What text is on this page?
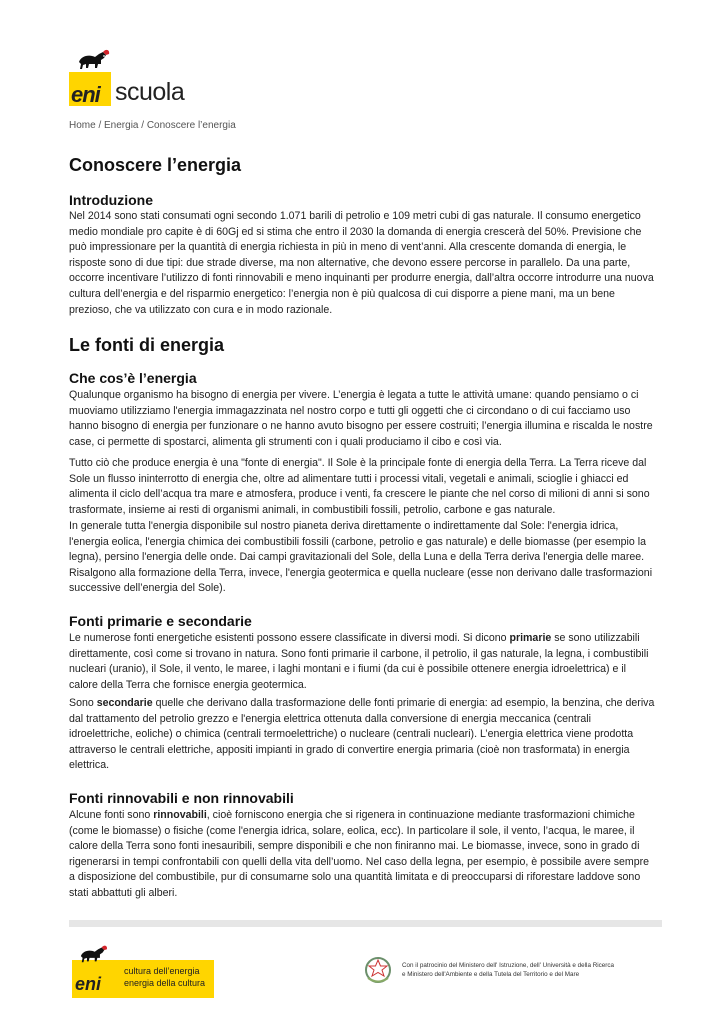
eni scuola
Home / Energia / Conoscere l’energia
Conoscere l’energia
Introduzione

Nel 2014 sono stati consumati ogni secondo 1.071 barili di petrolio e 109 metri cubi di gas naturale. Il consumo energetico medio mondiale pro capite è di 60Gj ed si stima che entro il 2030 la domanda di energia crescerà del 50%. Previsione che può impressionare per la quantità di energia richiesta in più in meno di vent’anni. Alla crescente domanda di energia, le risposte sono di due tipi: due strade diverse, ma non alternative, che devono essere percorse in parallelo. Da una parte, occorre incentivare l’utilizzo di fonti rinnovabili e meno inquinanti per produrre energia, dall’altra occorre introdurre una nuova cultura dell’energia e del risparmio energetico: l’energia non è più qualcosa di cui disporre a piene mani, ma un bene prezioso, che va utilizzato con cura e in modo razionale.

Le fonti di energia
Che cos’è l’energia

Qualunque organismo ha bisogno di energia per vivere. L’energia è legata a tutte le attività umane: quando pensiamo o ci muoviamo utilizziamo l'energia immagazzinata nel nostro corpo e tutti gli oggetti che ci circondano o di cui facciamo uso hanno bisogno di energia per funzionare o ne hanno avuto bisogno per essere costruiti; l’energia illumina e riscalda le nostre case, ci permette di spostarci, alimenta gli strumenti con i quali produciamo il cibo e così via.

Tutto ciò che produce energia è una "fonte di energia". Il Sole è la principale fonte di energia della Terra. La Terra riceve dal Sole un flusso ininterrotto di energia che, oltre ad alimentare tutti i processi vitali, vegetali e animali, scioglie i ghiacci ed alimenta il ciclo dell’acqua tra mare e atmosfera, produce i venti, fa crescere le piante che nel corso di milioni di anni si sono trasformate, insieme ai resti di organismi animali, in combustibili fossili, petrolio, carbone e gas naturale.

In generale tutta l'energia disponibile sul nostro pianeta deriva direttamente o indirettamente dal Sole: l'energia idrica, l'energia eolica, l'energia chimica dei combustibili fossili (carbone, petrolio e gas naturale) e delle biomasse (per esempio la legna), persino l'energia delle onde. Dai campi gravitazionali del Sole, della Luna e della Terra deriva l'energia delle maree. Risalgono alla formazione della Terra, invece, l'energia geotermica e quella nucleare (esse non derivano dalle trasformazioni successive dell’energia del Sole).

Fonti primarie e secondarie

Le numerose fonti energetiche esistenti possono essere classificate in diversi modi. Si dicono primarie se sono utilizzabili direttamente, così come si trovano in natura. Sono fonti primarie il carbone, il petrolio, il gas naturale, la legna, i combustibili nucleari (uranio), il Sole, il vento, le maree, i laghi montani e i fiumi (da cui è possibile ottenere energia idroelettrica) e il calore della Terra che fornisce energia geotermica.

Sono secondarie quelle che derivano dalla trasformazione delle fonti primarie di energia: ad esempio, la benzina, che deriva dal trattamento del petrolio grezzo e l'energia elettrica ottenuta dalla conversione di energia meccanica (centrali idroelettriche, eoliche) o chimica (centrali termoelettriche) o nucleare (centrali nucleari). L’energia elettrica viene prodotta attraverso le centrali elettriche, appositi impianti in grado di convertire energia primaria (cioè non trasformata) in energia elettrica.

Fonti rinnovabili e non rinnovabili

Alcune fonti sono rinnovabili, cioè forniscono energia che si rigenera in continuazione mediante trasformazioni chimiche (come le biomasse) o fisiche (come l'energia idrica, solare, eolica, ecc). In particolare il sole, il vento, l’acqua, le maree, il calore della Terra sono fonti inesauribili, sempre disponibili e che non finiranno mai. Le biomasse, invece, sono in grado di rigenerarsi in tempi confrontabili con quelli della vita dell’uomo. Nel caso della legna, per esempio, è possibile avere sempre a disposizione del combustibile, pur di consumarne solo una quantità limitata e di preoccuparsi di riforestare laddove sono stati abbattuti gli alberi.

eni
cultura dell’energia
energia della cultura
Con il patrocinio del Ministero dell' Istruzione, dell' Università e della Ricerca
e Ministero dell'Ambiente e della Tutela del Territorio e del Mare
